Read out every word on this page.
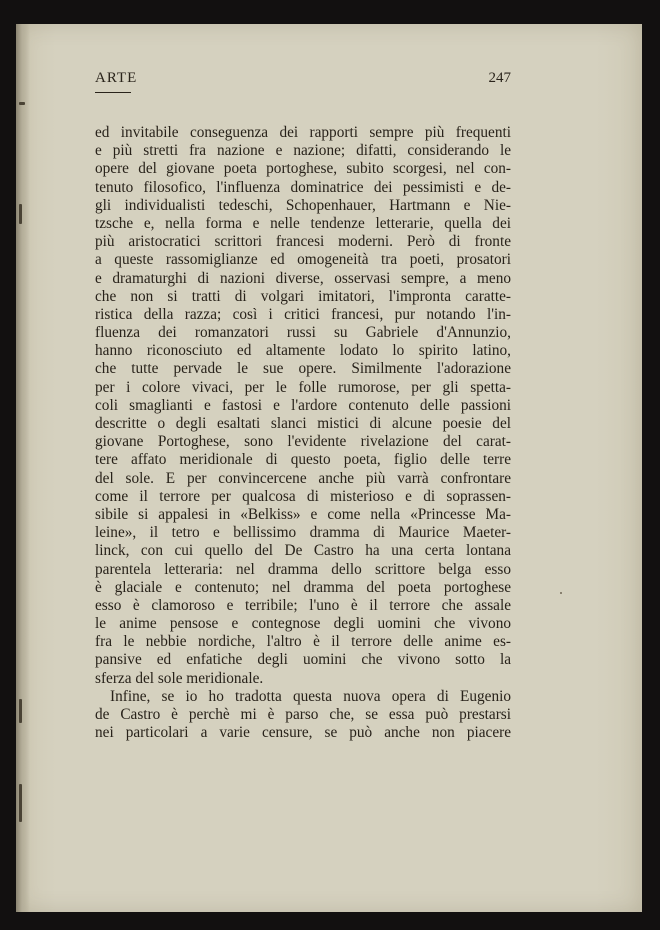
ARTE	247
ed invitabile conseguenza dei rapporti sempre più frequenti
e più stretti fra nazione e nazione; difatti, considerando le
opere del giovane poeta portoghese, subito scorgesi, nel con-
tenuto filosofico, l'influenza dominatrice dei pessimisti e de-
gli individualisti tedeschi, Schopenhauer, Hartmann e Nie-
tzsche e, nella forma e nelle tendenze letterarie, quella dei
più aristocratici scrittori francesi moderni. Però di fronte
a queste rassomiglianze ed omogeneità tra poeti, prosatori
e dramaturghi di nazioni diverse, osservasi sempre, a meno
che non si tratti di volgari imitatori, l'impronta caratte-
ristica della razza; così i critici francesi, pur notando l'in-
fluenza dei romanzatori russi su Gabriele d'Annunzio,
hanno riconosciuto ed altamente lodato lo spirito latino,
che tutte pervade le sue opere. Similmente l'adorazione
per i colore vivaci, per le folle rumorose, per gli spetta-
coli smaglianti e fastosi e l'ardore contenuto delle passioni
descritte o degli esaltati slanci mistici di alcune poesie del
giovane Portoghese, sono l'evidente rivelazione del carat-
tere affato meridionale di questo poeta, figlio delle terre
del sole. E per convincercene anche più varrà confrontare
come il terrore per qualcosa di misterioso e di soprassen-
sibile si appalesi in «Belkiss» e come nella «Princesse Ma-
leine», il tetro e bellissimo dramma di Maurice Maeter-
linck, con cui quello del De Castro ha una certa lontana
parentela letteraria: nel dramma dello scrittore belga esso
è glaciale e contenuto; nel dramma del poeta portoghese
esso è clamoroso e terribile; l'uno è il terrore che assale
le anime pensose e contegnose degli uomini che vivono
fra le nebbie nordiche, l'altro è il terrore delle anime es-
pansive ed enfatiche degli uomini che vivono sotto la
sferza del sole meridionale.
Infine, se io ho tradotta questa nuova opera di Eugenio
de Castro è perchè mi è parso che, se essa può prestarsi
nei particolari a varie censure, se può anche non piacere
